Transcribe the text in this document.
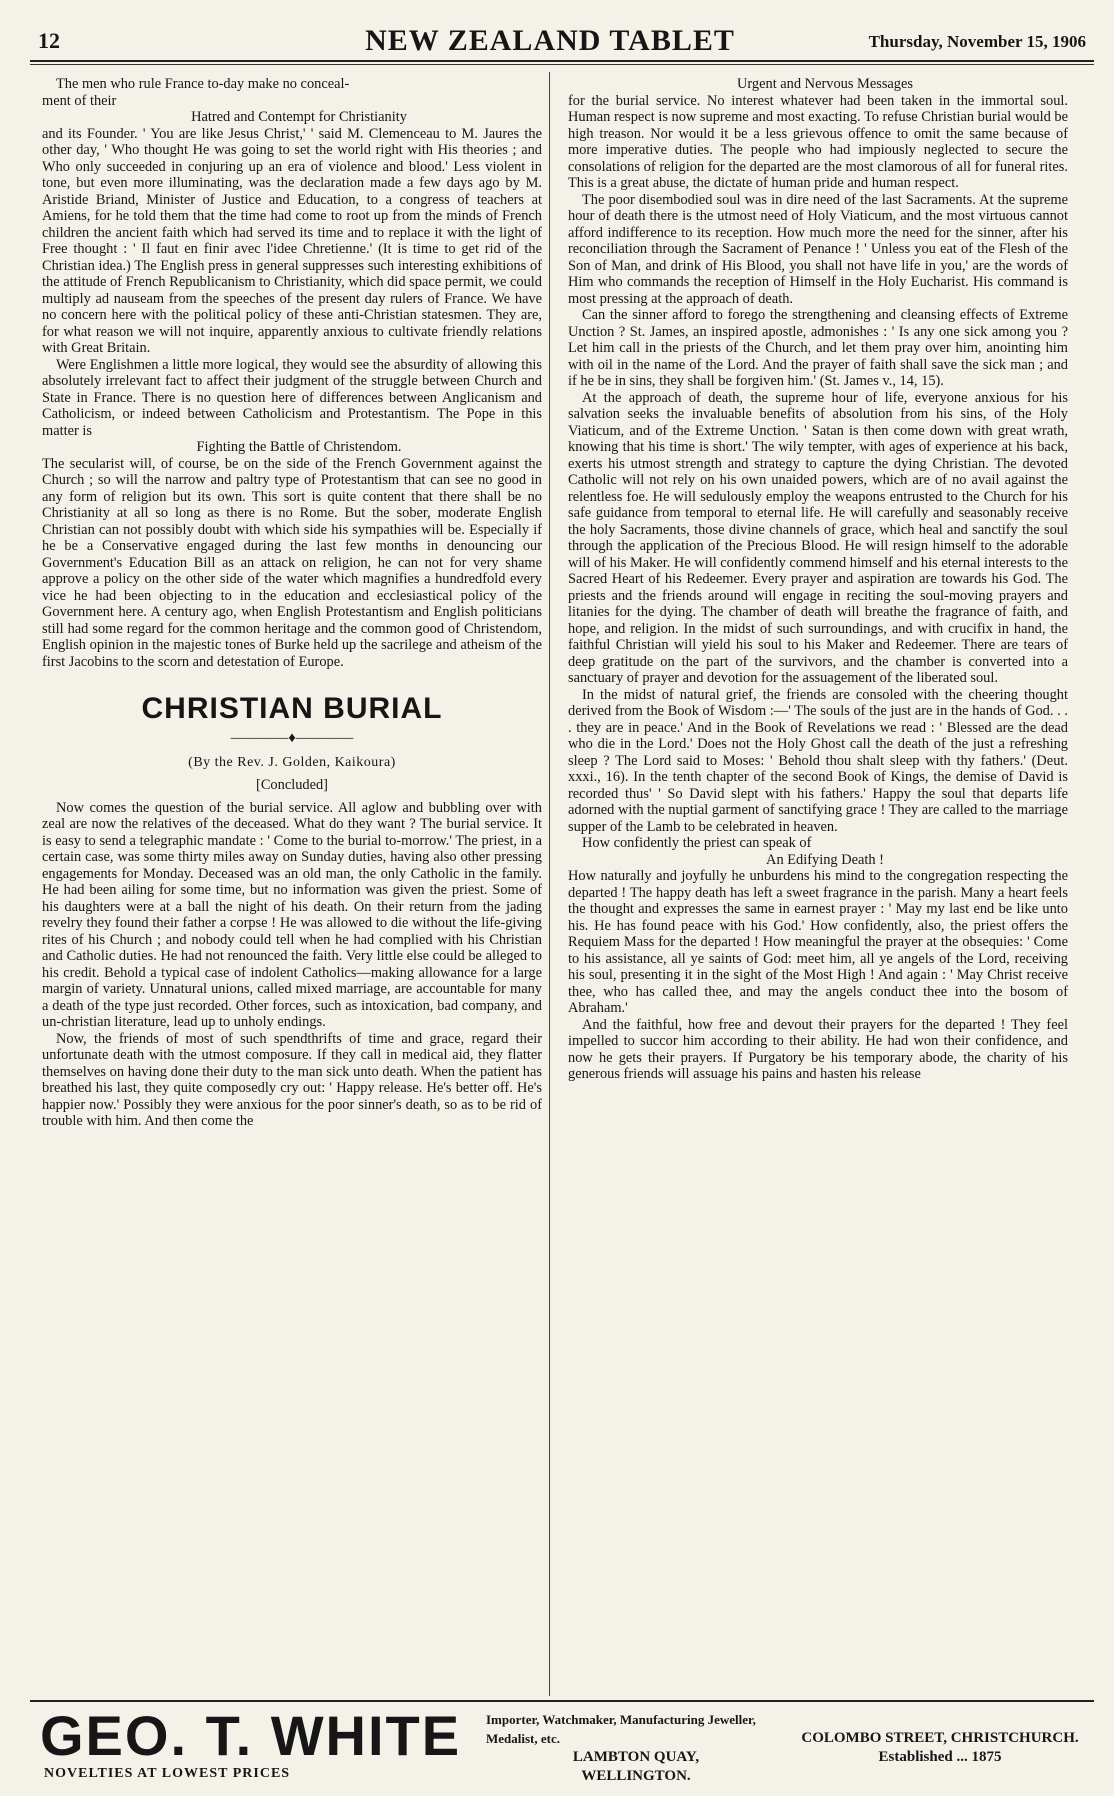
12	NEW ZEALAND TABLET	Thursday, November 15, 1906

The men who rule France to-day make no conceal-

ment of their

Hatred and Contempt for Christianity

and its Founder. ' You are like Jesus Christ,' ' said M. Clemenceau to M. Jaures the other day, ' Who thought He was going to set the world right with His theories ; and Who only succeeded in conjuring up an era of violence and blood.' Less violent in tone, but even more illuminating, was the declaration made a few days ago by M. Aristide Briand, Minister of Justice and Education, to a congress of teachers at Amiens, for he told them that the time had come to root up from the minds of French children the ancient faith which had served its time and to replace it with the light of Free thought : ' Il faut en finir avec l'idee Chretienne.' (It is time to get rid of the Christian idea.) The English press in general suppresses such interesting exhibitions of the attitude of French Republicanism to Christianity, which did space permit, we could multiply ad nauseam from the speeches of the present day rulers of France. We have no concern here with the political policy of these anti-Christian statesmen. They are, for what reason we will not inquire, apparently anxious to cultivate friendly relations with Great Britain.

Were Englishmen a little more logical, they would see the absurdity of allowing this absolutely irrelevant fact to affect their judgment of the struggle between Church and State in France. There is no question here of differences between Anglicanism and Catholicism, or indeed between Catholicism and Protestantism. The Pope in this matter is

Fighting the Battle of Christendom.

The secularist will, of course, be on the side of the French Government against the Church ; so will the narrow and paltry type of Protestantism that can see no good in any form of religion but its own. This sort is quite content that there shall be no Christianity at all so long as there is no Rome. But the sober, moderate English Christian can not possibly doubt with which side his sympathies will be. Especially if he be a Conservative engaged during the last few months in denouncing our Government's Education Bill as an attack on religion, he can not for very shame approve a policy on the other side of the water which magnifies a hundredfold every vice he had been objecting to in the education and ecclesiastical policy of the Government here. A century ago, when English Protestantism and English politicians still had some regard for the common heritage and the common good of Christendom, English opinion in the majestic tones of Burke held up the sacrilege and atheism of the first Jacobins to the scorn and detestation of Europe.

CHRISTIAN BURIAL
————♦————
(By the Rev. J. Golden, Kaikoura)
[Concluded]

Now comes the question of the burial service. All aglow and bubbling over with zeal are now the relatives of the deceased. What do they want ? The burial service. It is easy to send a telegraphic mandate : ' Come to the burial to-morrow.' The priest, in a certain case, was some thirty miles away on Sunday duties, having also other pressing engagements for Monday. Deceased was an old man, the only Catholic in the family. He had been ailing for some time, but no information was given the priest. Some of his daughters were at a ball the night of his death. On their return from the jading revelry they found their father a corpse ! He was allowed to die without the life-giving rites of his Church ; and nobody could tell when he had complied with his Christian and Catholic duties. He had not renounced the faith. Very little else could be alleged to his credit. Behold a typical case of indolent Catholics—making allowance for a large margin of variety. Unnatural unions, called mixed marriage, are accountable for many a death of the type just recorded. Other forces, such as intoxication, bad company, and un-christian literature, lead up to unholy endings.

Now, the friends of most of such spendthrifts of time and grace, regard their unfortunate death with the utmost composure. If they call in medical aid, they flatter themselves on having done their duty to the man sick unto death. When the patient has breathed his last, they quite composedly cry out: ' Happy release. He's better off. He's happier now.' Possibly they were anxious for the poor sinner's death, so as to be rid of trouble with him. And then come the

Urgent and Nervous Messages

for the burial service. No interest whatever had been taken in the immortal soul. Human respect is now supreme and most exacting. To refuse Christian burial would be high treason. Nor would it be a less grievous offence to omit the same because of more imperative duties. The people who had impiously neglected to secure the consolations of religion for the departed are the most clamorous of all for funeral rites. This is a great abuse, the dictate of human pride and human respect.

The poor disembodied soul was in dire need of the last Sacraments. At the supreme hour of death there is the utmost need of Holy Viaticum, and the most virtuous cannot afford indifference to its reception. How much more the need for the sinner, after his reconciliation through the Sacrament of Penance ! ' Unless you eat of the Flesh of the Son of Man, and drink of His Blood, you shall not have life in you,' are the words of Him who commands the reception of Himself in the Holy Eucharist. His command is most pressing at the approach of death.

Can the sinner afford to forego the strengthening and cleansing effects of Extreme Unction ? St. James, an inspired apostle, admonishes : ' Is any one sick among you ? Let him call in the priests of the Church, and let them pray over him, anointing him with oil in the name of the Lord. And the prayer of faith shall save the sick man ; and if he be in sins, they shall be forgiven him.' (St. James v., 14, 15).

At the approach of death, the supreme hour of life, everyone anxious for his salvation seeks the invaluable benefits of absolution from his sins, of the Holy Viaticum, and of the Extreme Unction. ' Satan is then come down with great wrath, knowing that his time is short.' The wily tempter, with ages of experience at his back, exerts his utmost strength and strategy to capture the dying Christian. The devoted Catholic will not rely on his own unaided powers, which are of no avail against the relentless foe. He will sedulously employ the weapons entrusted to the Church for his safe guidance from temporal to eternal life. He will carefully and seasonably receive the holy Sacraments, those divine channels of grace, which heal and sanctify the soul through the application of the Precious Blood. He will resign himself to the adorable will of his Maker. He will confidently commend himself and his eternal interests to the Sacred Heart of his Redeemer. Every prayer and aspiration are towards his God. The priests and the friends around will engage in reciting the soul-moving prayers and litanies for the dying. The chamber of death will breathe the fragrance of faith, and hope, and religion. In the midst of such surroundings, and with crucifix in hand, the faithful Christian will yield his soul to his Maker and Redeemer. There are tears of deep gratitude on the part of the survivors, and the chamber is converted into a sanctuary of prayer and devotion for the assuagement of the liberated soul.

In the midst of natural grief, the friends are consoled with the cheering thought derived from the Book of Wisdom :—' The souls of the just are in the hands of God. . . . they are in peace.' And in the Book of Revelations we read : ' Blessed are the dead who die in the Lord.' Does not the Holy Ghost call the death of the just a refreshing sleep ? The Lord said to Moses: ' Behold thou shalt sleep with thy fathers.' (Deut. xxxi., 16). In the tenth chapter of the second Book of Kings, the demise of David is recorded thus' ' So David slept with his fathers.' Happy the soul that departs life adorned with the nuptial garment of sanctifying grace ! They are called to the marriage supper of the Lamb to be celebrated in heaven.

How confidently the priest can speak of

An Edifying Death !

How naturally and joyfully he unburdens his mind to the congregation respecting the departed ! The happy death has left a sweet fragrance in the parish. Many a heart feels the thought and expresses the same in earnest prayer : ' May my last end be like unto his. He has found peace with his God.' How confidently, also, the priest offers the Requiem Mass for the departed ! How meaningful the prayer at the obsequies: ' Come to his assistance, all ye saints of God: meet him, all ye angels of the Lord, receiving his soul, presenting it in the sight of the Most High ! And again : ' May Christ receive thee, who has called thee, and may the angels conduct thee into the bosom of Abraham.'

And the faithful, how free and devout their prayers for the departed ! They feel impelled to succor him according to their ability. He had won their confidence, and now he gets their prayers. If Purgatory be his temporary abode, the charity of his generous friends will assuage his pains and hasten his release

GEO. T. WHITE
NOVELTIES AT LOWEST PRICES
Importer, Watchmaker, Manufacturing Jeweller, Medalist, etc.
LAMBTON QUAY,
WELLINGTON.
COLOMBO STREET, CHRISTCHURCH.
Established ... 1875
